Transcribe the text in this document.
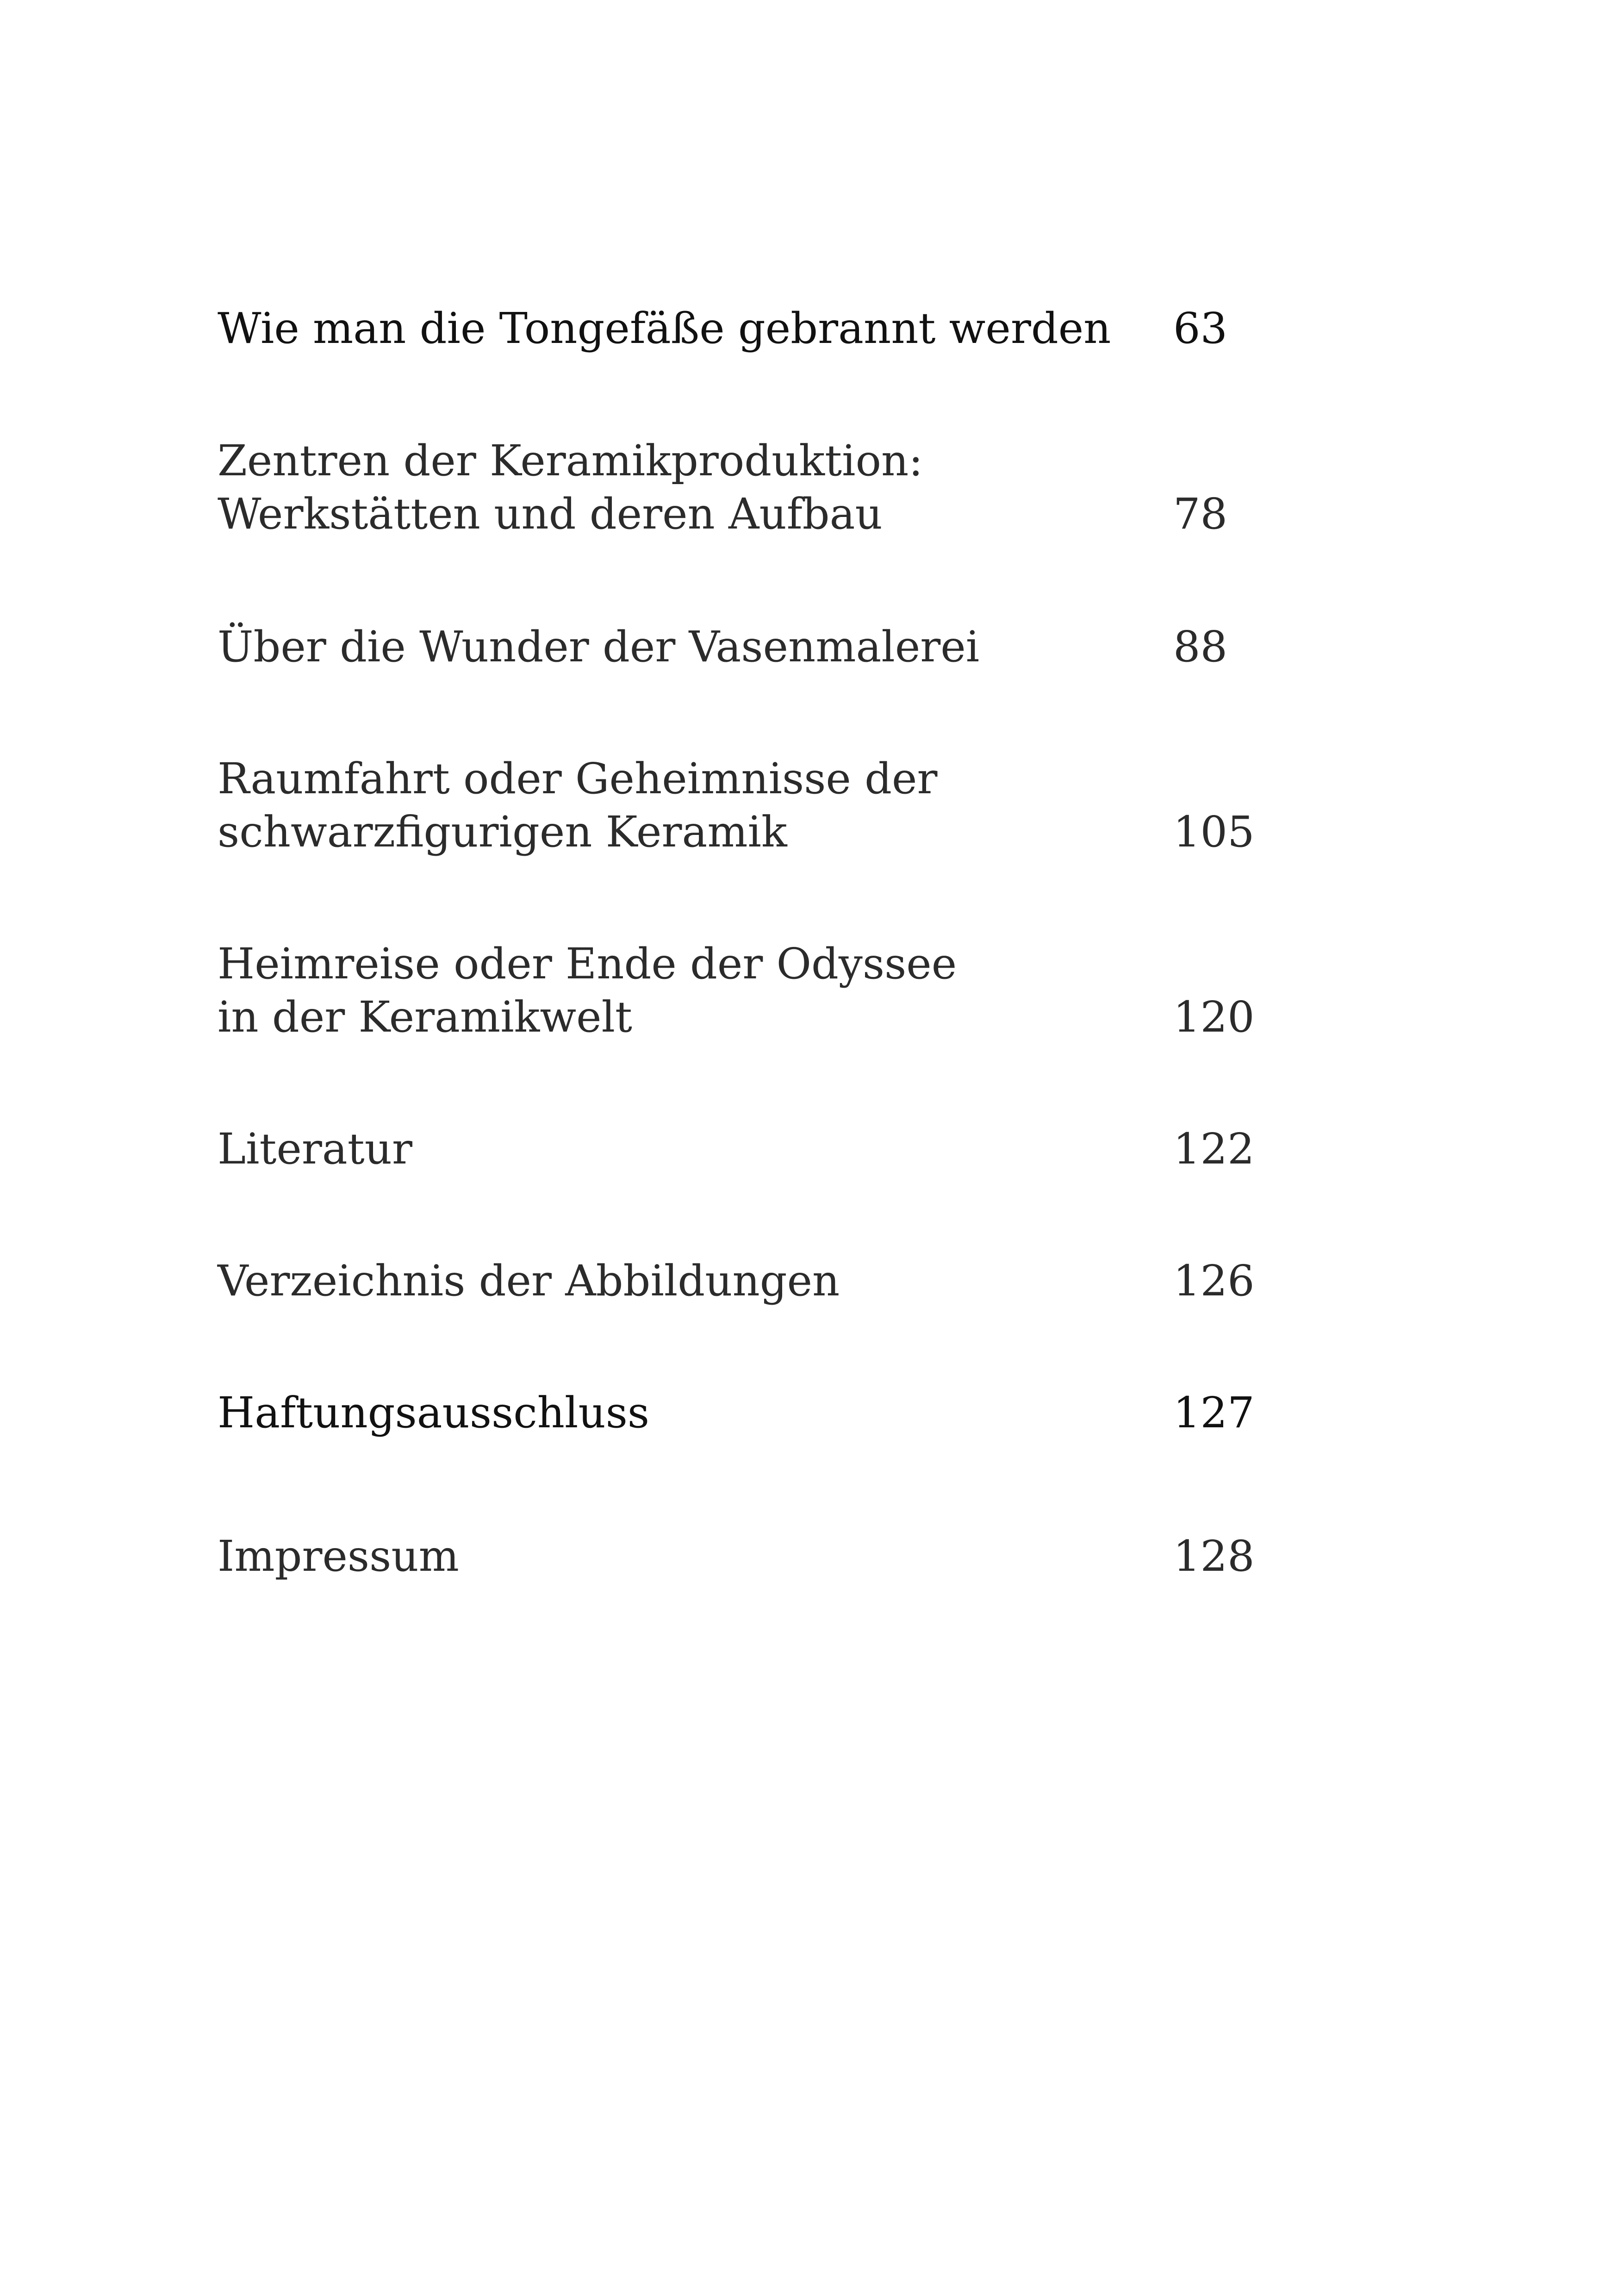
Wie man die Tongefäße gebrannt werden	63
Zentren der Keramikproduktion:
Werkstätten und deren Aufbau	78
Über die Wunder der Vasenmalerei	88
Raumfahrt oder Geheimnisse der
schwarzfigurigen Keramik	105
Heimreise oder Ende der Odyssee
in der Keramikwelt	120
Literatur	122
Verzeichnis der Abbildungen	126
Haftungsausschluss	127
Impressum	128
